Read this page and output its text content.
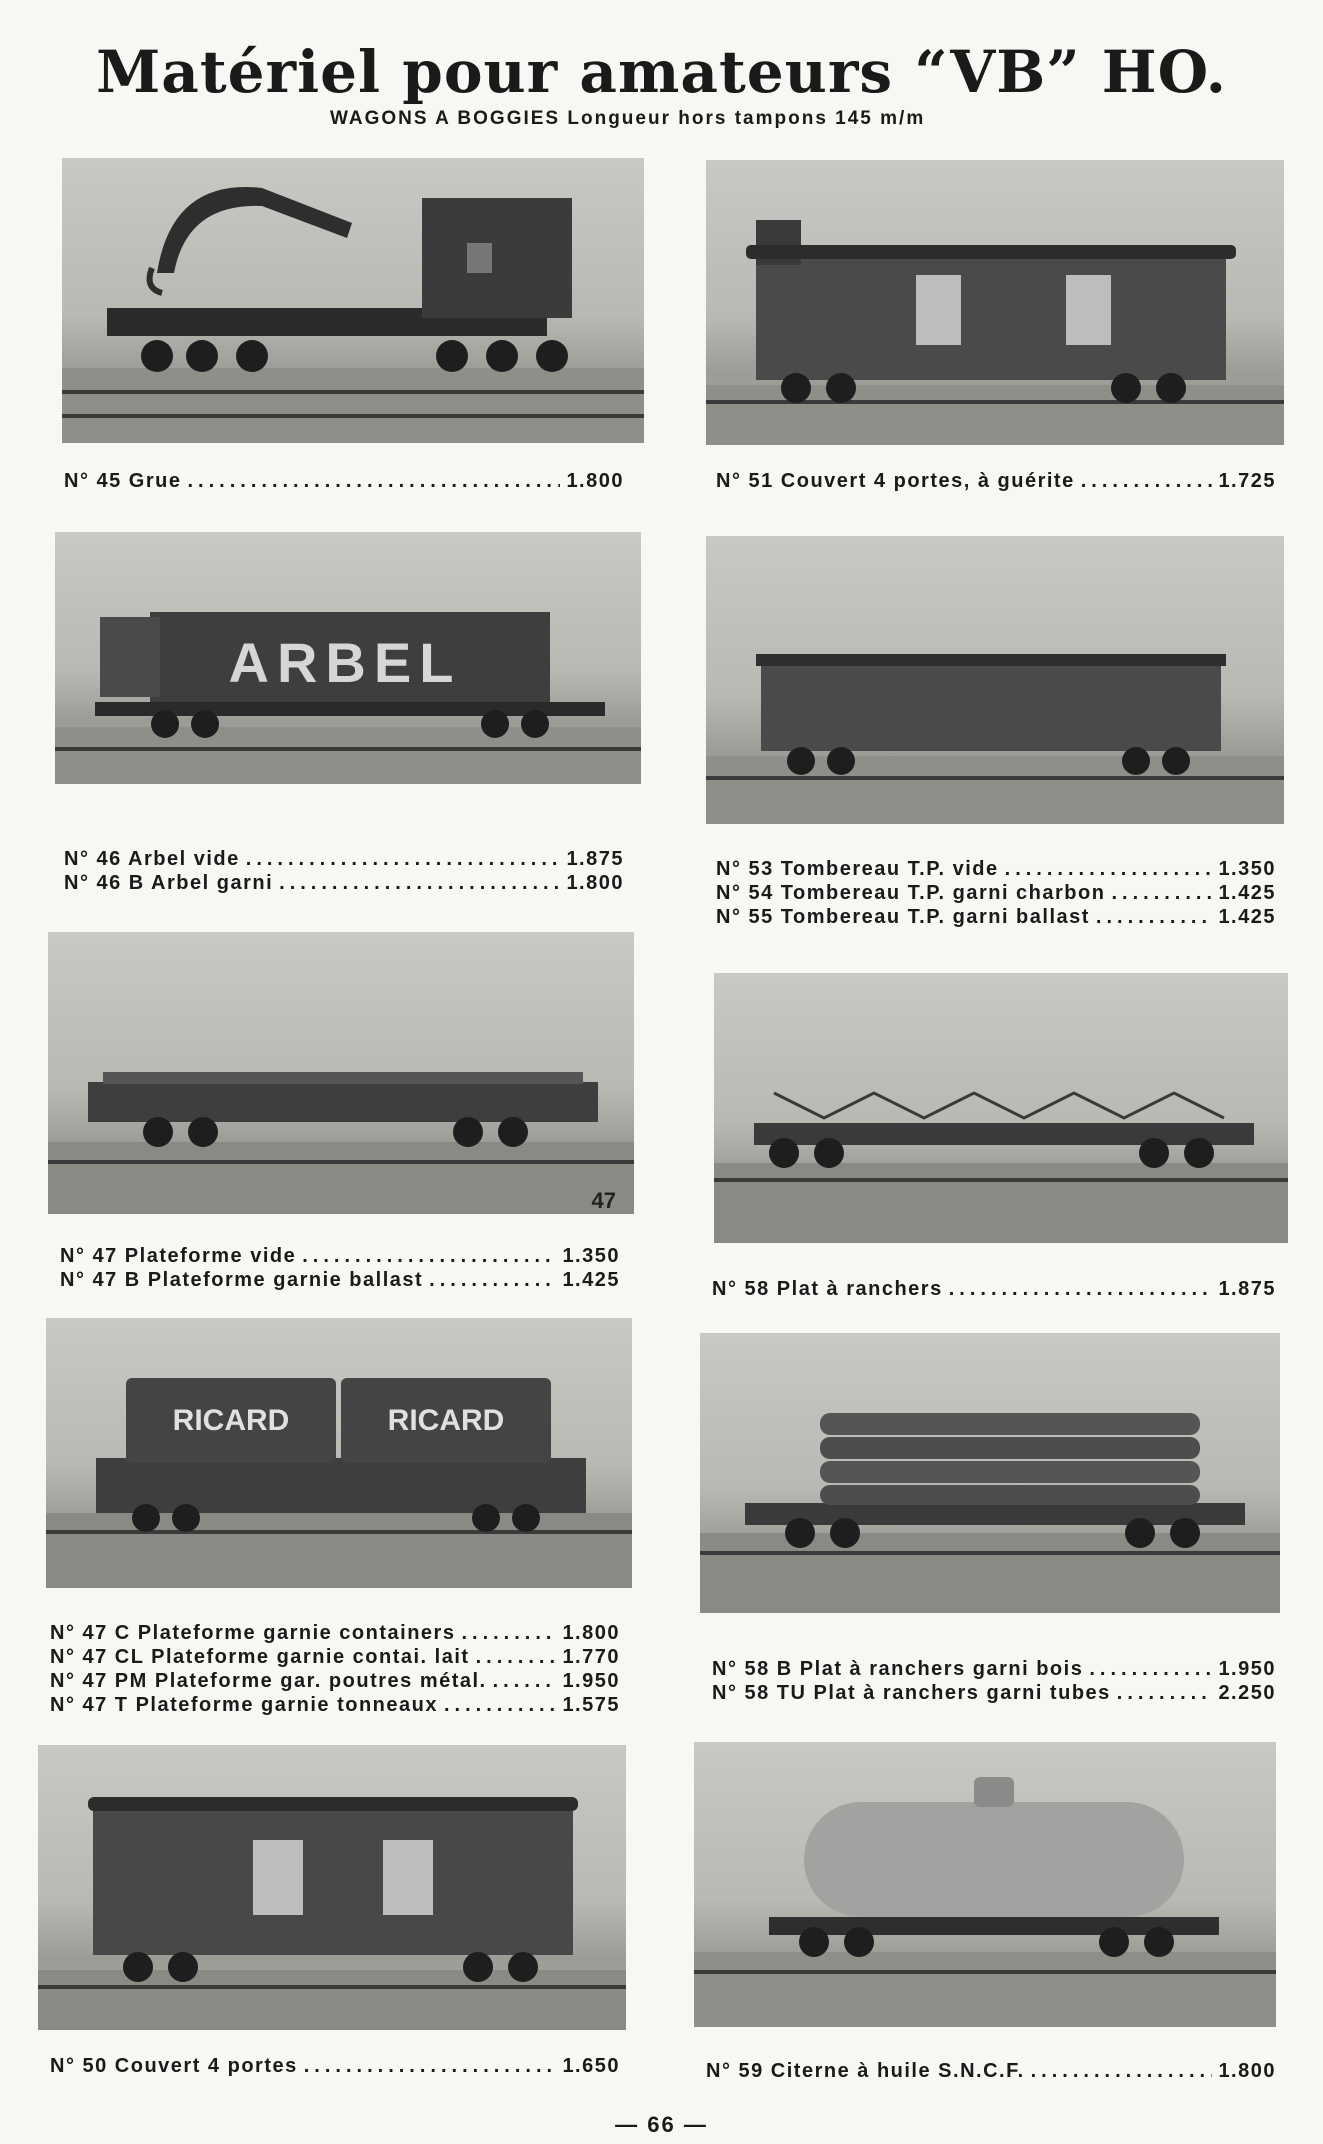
Matériel pour amateurs “VB” HO.
WAGONS A BOGGIES Longueur hors tampons 145 m/m
N° 45 Grue .....	1.800	N° 51 Couvert 4 portes, à guérite .....	1.725
ARBEL
N° 46 Arbel vide .....	1.875
N° 46 B Arbel garni .....	1.800
N° 53 Tombereau T.P. vide .....	1.350
N° 54 Tombereau T.P. garni charbon .....	1.425
N° 55 Tombereau T.P. garni ballast .....	1.425
47
N° 47 Plateforme vide .....	1.350
N° 47 B Plateforme garnie ballast .....	1.425	N° 58 Plat à ranchers .....	1.875
RICARD	RICARD
N° 47 C Plateforme garnie containers .....	1.800
N° 47 CL Plateforme garnie contai. lait .....	1.770
N° 47 PM Plateforme gar. poutres métal. .....	1.950
N° 47 T Plateforme garnie tonneaux .....	1.575
N° 58 B Plat à ranchers garni bois .....	1.950
N° 58 TU Plat à ranchers garni tubes .....	2.250
N° 50 Couvert 4 portes .....	1.650	N° 59 Citerne à huile S.N.C.F. .....	1.800
— 66 —
